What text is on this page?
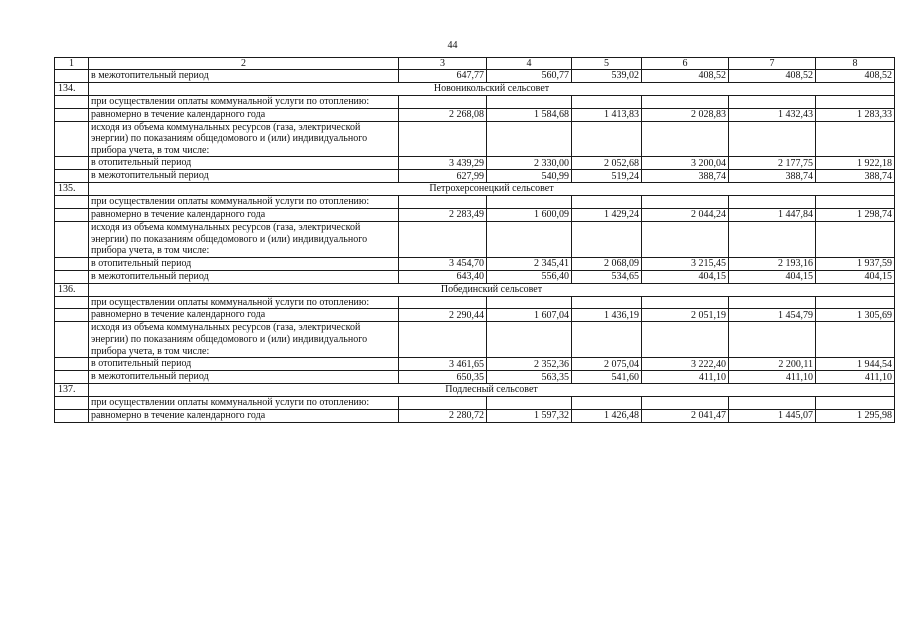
44
1	2	3	4	5	6	7	8
	в межотопительный период	647,77	560,77	539,02	408,52	408,52	408,52
134.	Новоникольский сельсовет						
	при осуществлении оплаты коммунальной услуги по отоплению:						
	равномерно в течение календарного года	2 268,08	1 584,68	1 413,83	2 028,83	1 432,43	1 283,33
	исходя из объема коммунальных ресурсов (газа, электрической энергии) по показаниям общедомового и (или) индивидуального прибора учета, в том числе:						
	в отопительный период	3 439,29	2 330,00	2 052,68	3 200,04	2 177,75	1 922,18
	в межотопительный период	627,99	540,99	519,24	388,74	388,74	388,74
135.	Петрохерсонецкий сельсовет						
	при осуществлении оплаты коммунальной услуги по отоплению:						
	равномерно в течение календарного года	2 283,49	1 600,09	1 429,24	2 044,24	1 447,84	1 298,74
	исходя из объема коммунальных ресурсов (газа, электрической энергии) по показаниям общедомового и (или) индивидуального прибора учета, в том числе:						
	в отопительный период	3 454,70	2 345,41	2 068,09	3 215,45	2 193,16	1 937,59
	в межотопительный период	643,40	556,40	534,65	404,15	404,15	404,15
136.	Побединский сельсовет						
	при осуществлении оплаты коммунальной услуги по отоплению:						
	равномерно в течение календарного года	2 290,44	1 607,04	1 436,19	2 051,19	1 454,79	1 305,69
	исходя из объема коммунальных ресурсов (газа, электрической энергии) по показаниям общедомового и (или) индивидуального прибора учета, в том числе:						
	в отопительный период	3 461,65	2 352,36	2 075,04	3 222,40	2 200,11	1 944,54
	в межотопительный период	650,35	563,35	541,60	411,10	411,10	411,10
137.	Подлесный сельсовет						
	при осуществлении оплаты коммунальной услуги по отоплению:						
	равномерно в течение календарного года	2 280,72	1 597,32	1 426,48	2 041,47	1 445,07	1 295,98
